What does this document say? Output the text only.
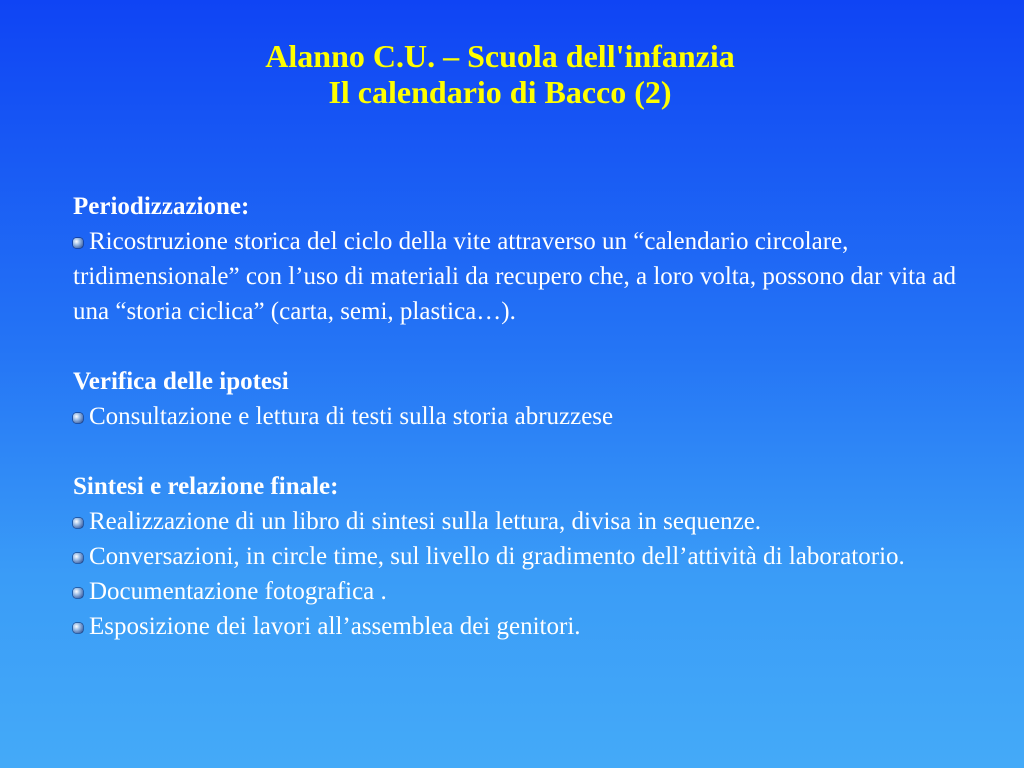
Alanno C.U. – Scuola dell'infanzia
Il calendario di Bacco (2)
Periodizzazione:
Ricostruzione storica del ciclo della vite attraverso un “calendario circolare, tridimensionale” con l’uso di materiali da recupero che, a loro volta, possono dar vita ad una “storia ciclica” (carta, semi, plastica…).
Verifica delle ipotesi
Consultazione e lettura di testi sulla storia abruzzese
Sintesi e relazione finale:
Realizzazione di un libro di sintesi sulla lettura, divisa in sequenze.
Conversazioni, in circle time, sul livello di gradimento dell’attività di laboratorio.
Documentazione fotografica .
Esposizione dei lavori all’assemblea dei genitori.
